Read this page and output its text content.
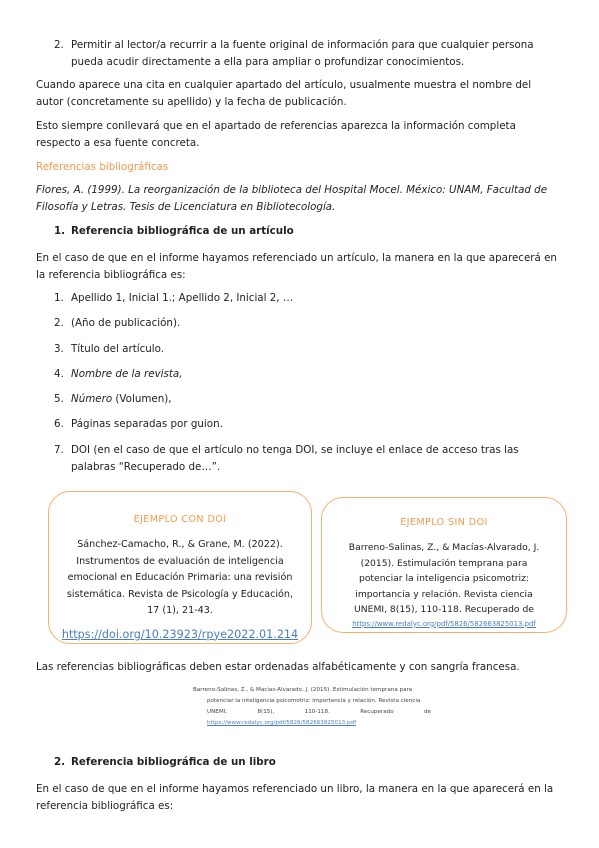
2. Permitir al lector/a recurrir a la fuente original de información para que cualquier persona pueda acudir directamente a ella para ampliar o profundizar conocimientos.

Cuando aparece una cita en cualquier apartado del artículo, usualmente muestra el nombre del autor (concretamente su apellido) y la fecha de publicación.

Esto siempre conllevará que en el apartado de referencias aparezca la información completa respecto a esa fuente concreta.

Referencias bibliográficas

Flores, A. (1999). La reorganización de la biblioteca del Hospital Mocel. México: UNAM, Facultad de Filosofía y Letras. Tesis de Licenciatura en Bibliotecología.

1. Referencia bibliográfica de un artículo

En el caso de que en el informe hayamos referenciado un artículo, la manera en la que aparecerá en la referencia bibliográfica es:

1. Apellido 1, Inicial 1.; Apellido 2, Inicial 2, …
2. (Año de publicación).
3. Título del artículo.
4. Nombre de la revista,
5. Número (Volumen),
6. Páginas separadas por guion.
7. DOI (en el caso de que el artículo no tenga DOI, se incluye el enlace de acceso tras las palabras “Recuperado de…”.
EJEMPLO CON DOI
Sánchez-Camacho, R., & Grane, M. (2022).
Instrumentos de evaluación de inteligencia
emocional en Educación Primaria: una revisión
sistemática. Revista de Psicología y Educación,
17 (1), 21-43.
https://doi.org/10.23923/rpye2022.01.214
EJEMPLO SIN DOI
Barreno-Salinas, Z., & Macías-Alvarado, J.
(2015). Estimulación temprana para
potenciar la inteligencia psicomotriz:
importancia y relación. Revista ciencia
UNEMI, 8(15), 110-118. Recuperado de
https://www.redalyc.org/pdf/5826/582663825013.pdf

Las referencias bibliográficas deben estar ordenadas alfabéticamente y con sangría francesa.

Barreno-Salinas, Z., & Macías-Alvarado, J. (2015). Estimulación temprana para
potenciar la inteligencia psicomotriz: importancia y relación. Revista ciencia
UNEMI, 8(15), 110-118. Recuperado de
https://www.redalyc.org/pdf/5826/582663825013.pdf
2. Referencia bibliográfica de un libro

En el caso de que en el informe hayamos referenciado un libro, la manera en la que aparecerá en la referencia bibliográfica es:
